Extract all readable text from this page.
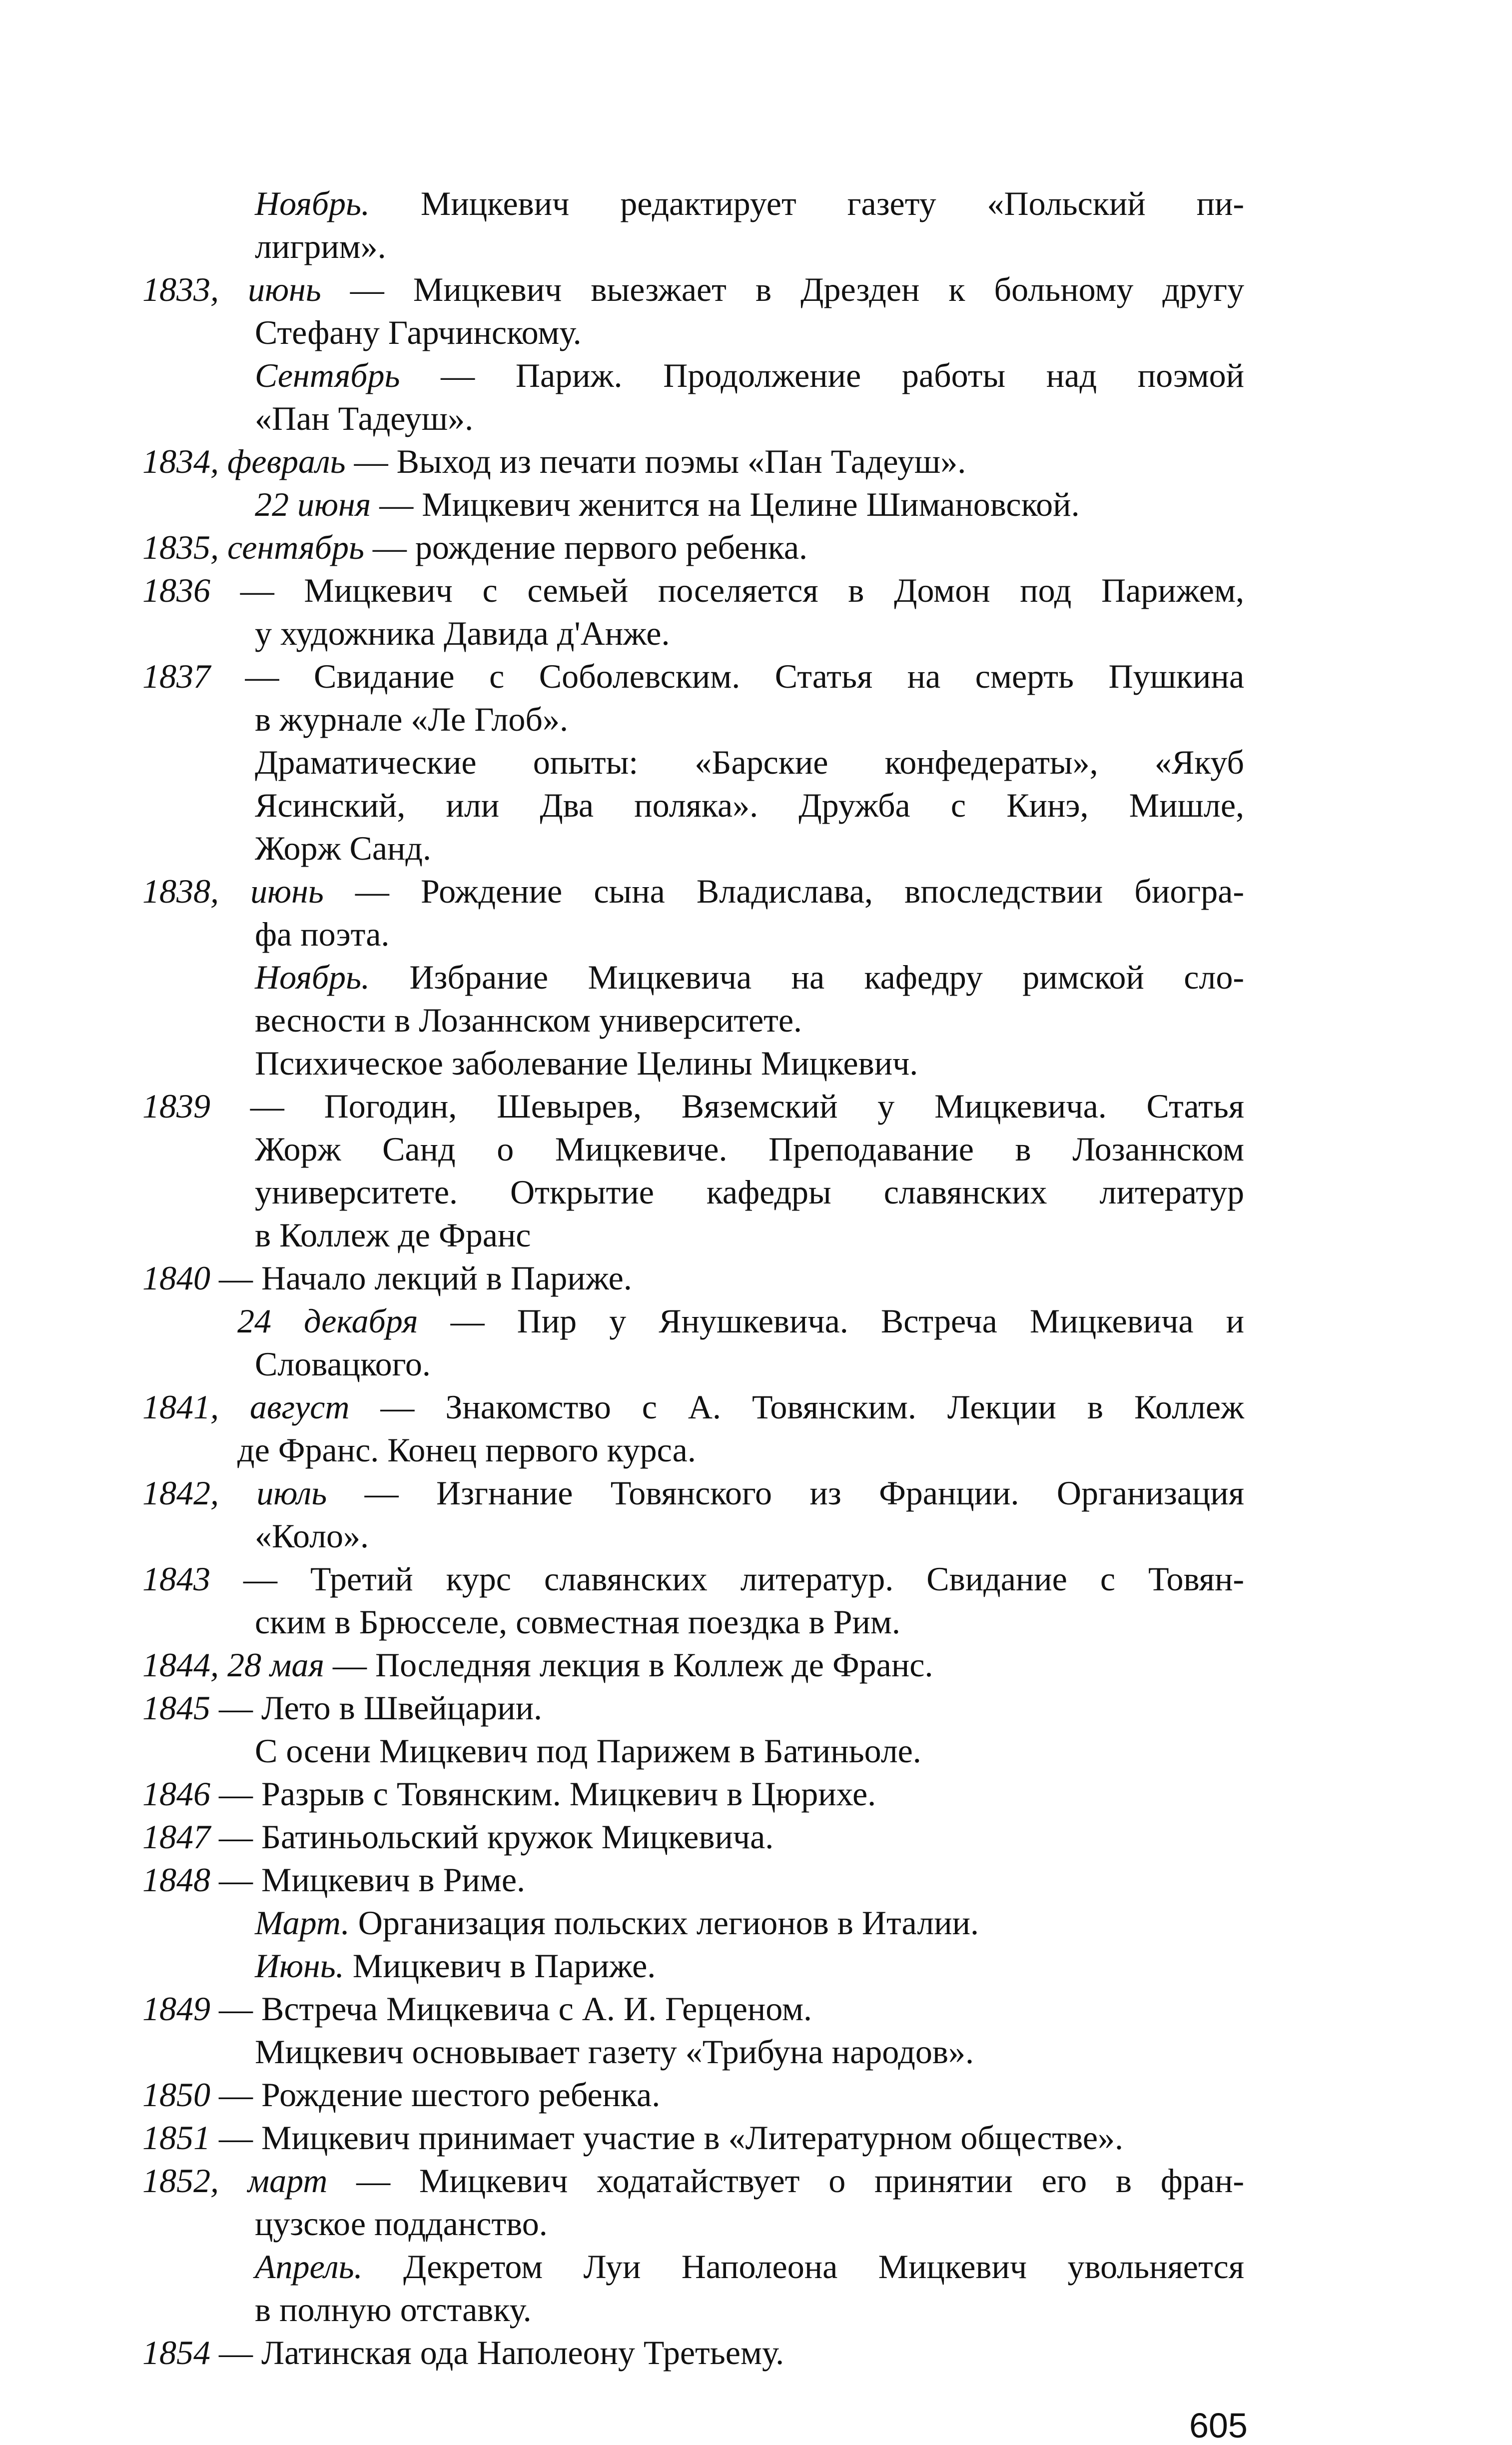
Ноябрь. Мицкевич редактирует газету «Польский пи-
лигрим».
1833, июнь — Мицкевич выезжает в Дрезден к больному другу
Стефану Гарчинскому.
Сентябрь — Париж. Продолжение работы над поэмой
«Пан Тадеуш».
1834, февраль — Выход из печати поэмы «Пан Тадеуш».
22 июня — Мицкевич женится на Целине Шимановской.
1835, сентябрь — рождение первого ребенка.
1836 — Мицкевич с семьей поселяется в Домон под Парижем,
у художника Давида д'Анже.
1837 — Свидание с Соболевским. Статья на смерть Пушкина
в журнале «Ле Глоб».
Драматические опыты: «Барские конфедераты», «Якуб
Ясинский, или Два поляка». Дружба с Кинэ, Мишле,
Жорж Санд.
1838, июнь — Рождение сына Владислава, впоследствии биогра-
фа поэта.
Ноябрь. Избрание Мицкевича на кафедру римской сло-
весности в Лозаннском университете.
Психическое заболевание Целины Мицкевич.
1839 — Погодин, Шевырев, Вяземский у Мицкевича. Статья
Жорж Санд о Мицкевиче. Преподавание в Лозаннском
университете. Открытие кафедры славянских литератур
в Коллеж де Франс
1840 — Начало лекций в Париже.
24 декабря — Пир у Янушкевича. Встреча Мицкевича и
Словацкого.
1841, август — Знакомство с А. Товянским. Лекции в Коллеж
де Франс. Конец первого курса.
1842, июль — Изгнание Товянского из Франции. Организация
«Коло».
1843 — Третий курс славянских литератур. Свидание с Товян-
ским в Брюсселе, совместная поездка в Рим.
1844, 28 мая — Последняя лекция в Коллеж де Франс.
1845 — Лето в Швейцарии.
С осени Мицкевич под Парижем в Батиньоле.
1846 — Разрыв с Товянским. Мицкевич в Цюрихе.
1847 — Батиньольский кружок Мицкевича.
1848 — Мицкевич в Риме.
Март. Организация польских легионов в Италии.
Июнь. Мицкевич в Париже.
1849 — Встреча Мицкевича с А. И. Герценом.
Мицкевич основывает газету «Трибуна народов».
1850 — Рождение шестого ребенка.
1851 — Мицкевич принимает участие в «Литературном обществе».
1852, март — Мицкевич ходатайствует о принятии его в фран-
цузское подданство.
Апрель. Декретом Луи Наполеона Мицкевич увольняется
в полную отставку.
1854 — Латинская ода Наполеону Третьему.
605
